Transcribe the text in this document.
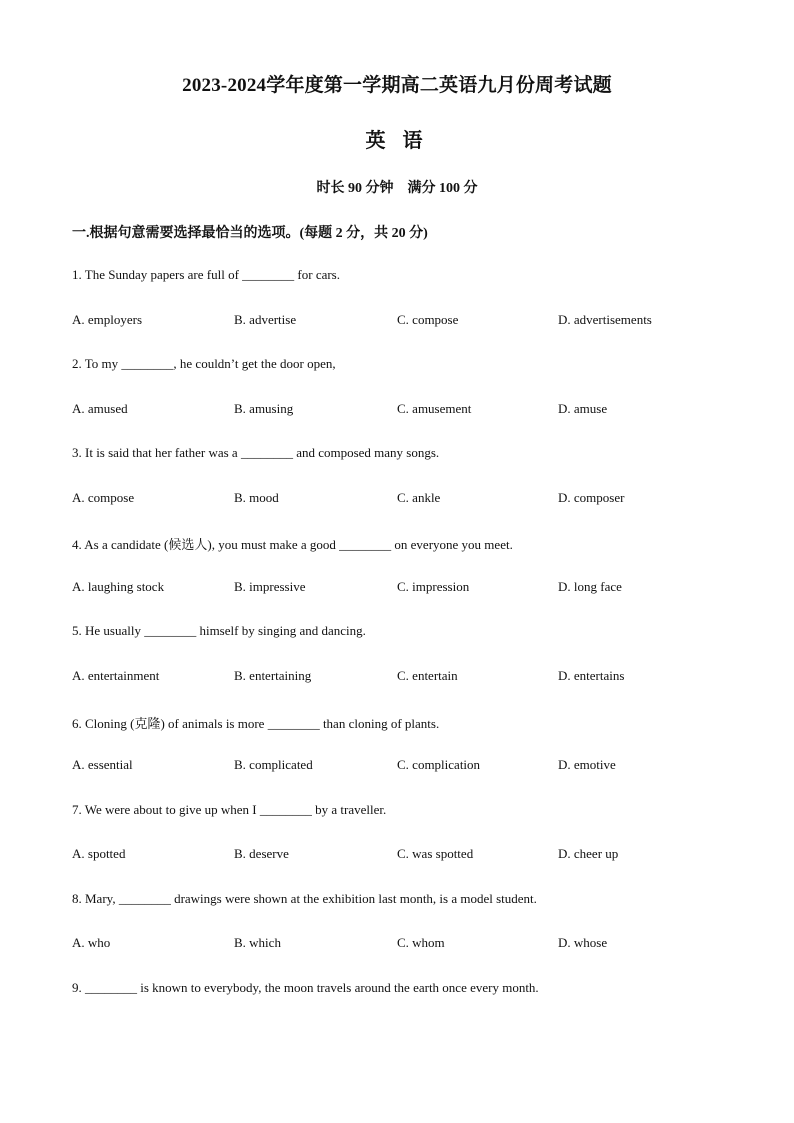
2023-2024学年度第一学期高二英语九月份周考试题
英 语
时长 90 分钟　满分 100 分
一.根据句意需要选择最恰当的选项。(每题 2 分，共 20 分)
1. The Sunday papers are full of ________ for cars.
A. employers	B. advertise	C. compose	D. advertisements
2. To my ________, he couldn’t get the door open,
A. amused	B. amusing	C. amusement	D. amuse
3. It is said that her father was a ________ and composed many songs.
A. compose	B. mood	C. ankle	D. composer
4. As a candidate (候选人), you must make a good ________ on everyone you meet.
A. laughing stock	B. impressive	C. impression	D. long face
5. He usually ________ himself by singing and dancing.
A. entertainment	B. entertaining	C. entertain	D. entertains
6. Cloning (克隆) of animals is more ________ than cloning of plants.
A. essential	B. complicated	C. complication	D. emotive
7. We were about to give up when I ________ by a traveller.
A. spotted	B. deserve	C. was spotted	D. cheer up
8. Mary, ________ drawings were shown at the exhibition last month, is a model student.
A. who	B. which	C. whom	D. whose
9. ________ is known to everybody, the moon travels around the earth once every month.
